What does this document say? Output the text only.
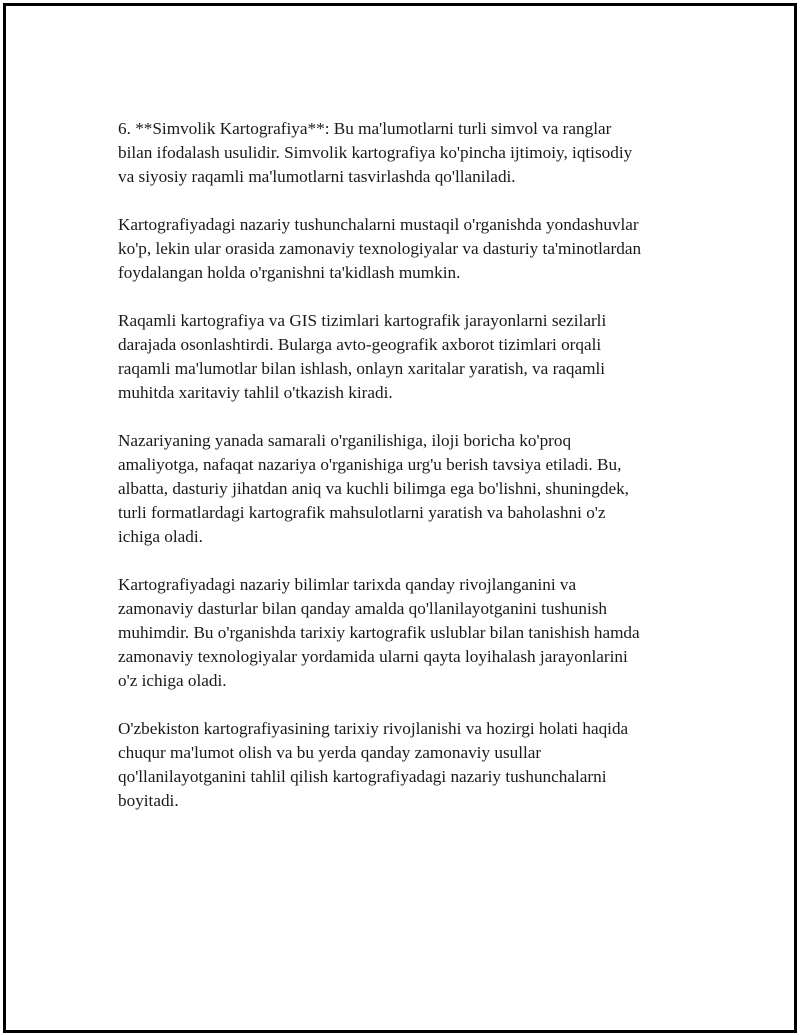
6. **Simvolik Kartografiya**: Bu ma'lumotlarni turli simvol va ranglar
bilan ifodalash usulidir. Simvolik kartografiya ko'pincha ijtimoiy, iqtisodiy
va siyosiy raqamli ma'lumotlarni tasvirlashda qo'llaniladi.

Kartografiyadagi nazariy tushunchalarni mustaqil o'rganishda yondashuvlar
ko'p, lekin ular orasida zamonaviy texnologiyalar va dasturiy ta'minotlardan
foydalangan holda o'rganishni ta'kidlash mumkin.

Raqamli kartografiya va GIS tizimlari kartografik jarayonlarni sezilarli
darajada osonlashtirdi. Bularga avto-geografik axborot tizimlari orqali
raqamli ma'lumotlar bilan ishlash, onlayn xaritalar yaratish, va raqamli
muhitda xaritaviy tahlil o'tkazish kiradi.

Nazariyaning yanada samarali o'rganilishiga, iloji boricha ko'proq
amaliyotga, nafaqat nazariya o'rganishiga urg'u berish tavsiya etiladi. Bu,
albatta, dasturiy jihatdan aniq va kuchli bilimga ega bo'lishni, shuningdek,
turli formatlardagi kartografik mahsulotlarni yaratish va baholashni o'z
ichiga oladi.

Kartografiyadagi nazariy bilimlar tarixda qanday rivojlanganini va
zamonaviy dasturlar bilan qanday amalda qo'llanilayotganini tushunish
muhimdir. Bu o'rganishda tarixiy kartografik uslublar bilan tanishish hamda
zamonaviy texnologiyalar yordamida ularni qayta loyihalash jarayonlarini
o'z ichiga oladi.

O'zbekiston kartografiyasining tarixiy rivojlanishi va hozirgi holati haqida
chuqur ma'lumot olish va bu yerda qanday zamonaviy usullar
qo'llanilayotganini tahlil qilish kartografiyadagi nazariy tushunchalarni
boyitadi.
